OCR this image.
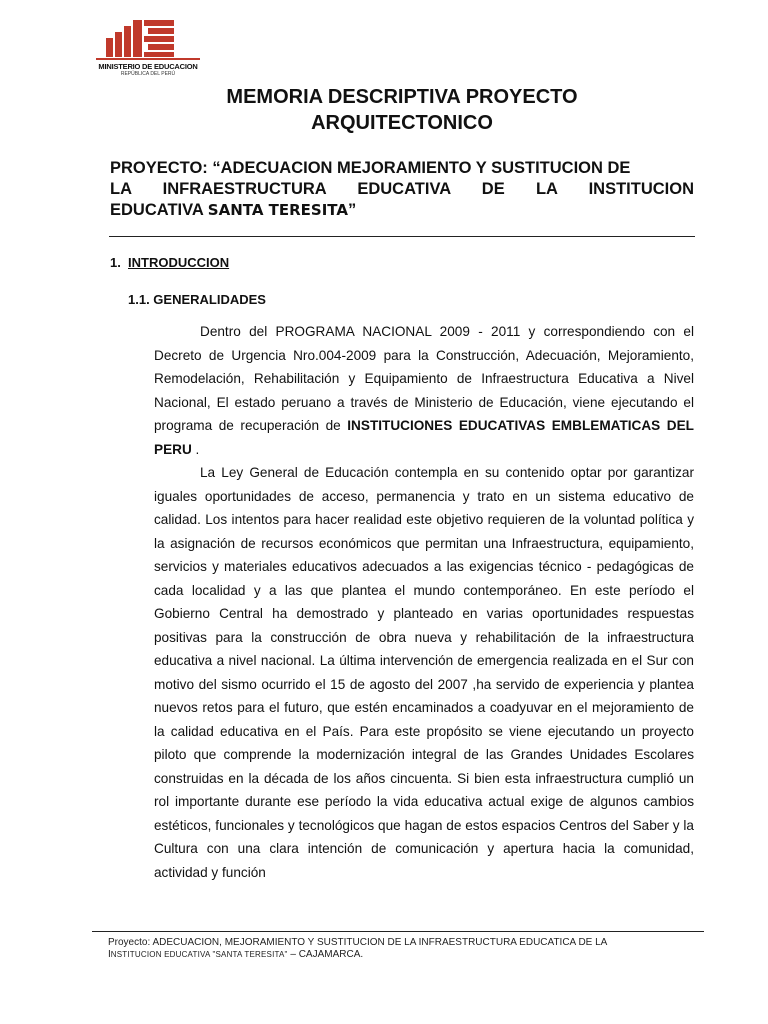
MINISTERIO DE EDUCACION
REPÚBLICA DEL PERÚ
MEMORIA DESCRIPTIVA PROYECTO
ARQUITECTONICO
PROYECTO: “ADECUACION MEJORAMIENTO Y SUSTITUCION DE
LA INFRAESTRUCTURA EDUCATIVA DE LA INSTITUCION
EDUCATIVA SANTA TERESITA”
1. INTRODUCCION
1.1. GENERALIDADES

Dentro del PROGRAMA NACIONAL 2009 - 2011 y correspondiendo con el Decreto de Urgencia Nro.004-2009 para la Construcción, Adecuación, Mejoramiento, Remodelación, Rehabilitación y Equipamiento de Infraestructura Educativa a Nivel Nacional, El estado peruano a través de Ministerio de Educación, viene ejecutando el programa de recuperación de INSTITUCIONES EDUCATIVAS EMBLEMATICAS DEL PERU .

La Ley General de Educación contempla en su contenido optar por garantizar iguales oportunidades de acceso, permanencia y trato en un sistema educativo de calidad. Los intentos para hacer realidad este objetivo requieren de la voluntad política y la asignación de recursos económicos que permitan una Infraestructura, equipamiento, servicios y materiales educativos adecuados a las exigencias técnico - pedagógicas de cada localidad y a las que plantea el mundo contemporáneo. En este período el Gobierno Central ha demostrado y planteado en varias oportunidades respuestas positivas para la construcción de obra nueva y rehabilitación de la infraestructura educativa a nivel nacional. La última intervención de emergencia realizada en el Sur con motivo del sismo ocurrido el 15 de agosto del 2007 ,ha servido de experiencia y plantea nuevos retos para el futuro, que estén encaminados a coadyuvar en el mejoramiento de la calidad educativa en el País. Para este propósito se viene ejecutando un proyecto piloto que comprende la modernización integral de las Grandes Unidades Escolares construidas en la década de los años cincuenta. Si bien esta infraestructura cumplió un rol importante durante ese período la vida educativa actual exige de algunos cambios estéticos, funcionales y tecnológicos que hagan de estos espacios Centros del Saber y la Cultura con una clara intención de comunicación y apertura hacia la comunidad, actividad y función

Proyecto: ADECUACION, MEJORAMIENTO Y SUSTITUCION DE LA INFRAESTRUCTURA EDUCATICA DE LA
INSTITUCION EDUCATIVA "SANTA TERESITA" – CAJAMARCA.
